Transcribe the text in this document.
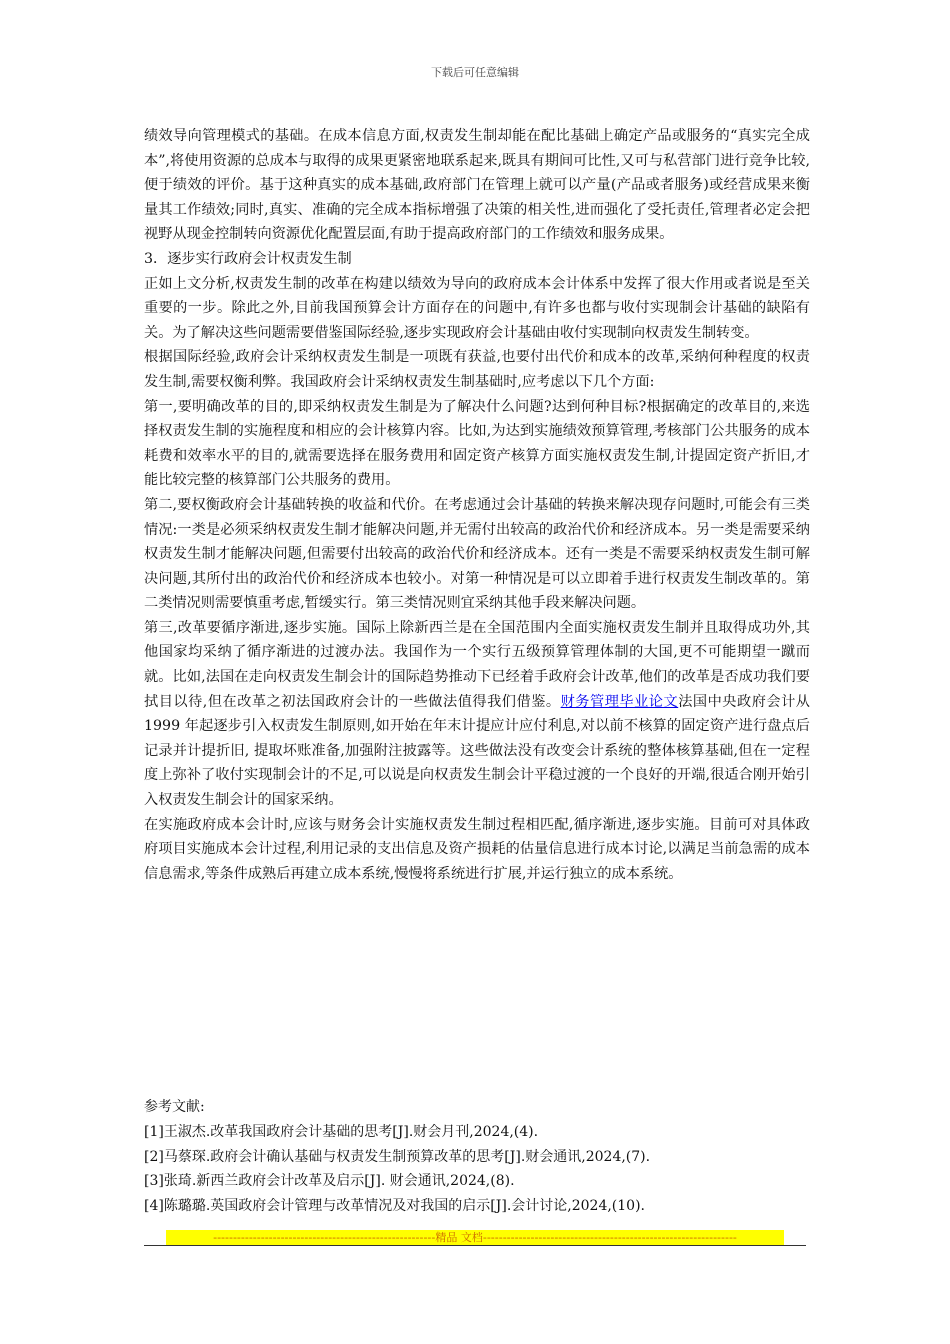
下载后可任意编辑

绩效导向管理模式的基础。在成本信息方面,权责发生制却能在配比基础上确定产品或服务的“真实完全成本”,将使用资源的总成本与取得的成果更紧密地联系起来,既具有期间可比性,又可与私营部门进行竞争比较,便于绩效的评价。基于这种真实的成本基础,政府部门在管理上就可以产量(产品或者服务)或经营成果来衡量其工作绩效;同时,真实、准确的完全成本指标增强了决策的相关性,进而强化了受托责任,管理者必定会把视野从现金控制转向资源优化配置层面,有助于提高政府部门的工作绩效和服务成果。

3．逐步实行政府会计权责发生制

正如上文分析,权责发生制的改革在构建以绩效为导向的政府成本会计体系中发挥了很大作用或者说是至关重要的一步。除此之外,目前我国预算会计方面存在的问题中,有许多也都与收付实现制会计基础的缺陷有关。为了解决这些问题需要借鉴国际经验,逐步实现政府会计基础由收付实现制向权责发生制转变。

根据国际经验,政府会计采纳权责发生制是一项既有获益,也要付出代价和成本的改革,采纳何种程度的权责发生制,需要权衡利弊。我国政府会计采纳权责发生制基础时,应考虑以下几个方面:

第一,要明确改革的目的,即采纳权责发生制是为了解决什么问题?达到何种目标?根据确定的改革目的,来选择权责发生制的实施程度和相应的会计核算内容。比如,为达到实施绩效预算管理,考核部门公共服务的成本耗费和效率水平的目的,就需要选择在服务费用和固定资产核算方面实施权责发生制,计提固定资产折旧,才能比较完整的核算部门公共服务的费用。

第二,要权衡政府会计基础转换的收益和代价。在考虑通过会计基础的转换来解决现存问题时,可能会有三类情况:一类是必须采纳权责发生制才能解决问题,并无需付出较高的政治代价和经济成本。另一类是需要采纳权责发生制才能解决问题,但需要付出较高的政治代价和经济成本。还有一类是不需要采纳权责发生制可解决问题,其所付出的政治代价和经济成本也较小。对第一种情况是可以立即着手进行权责发生制改革的。第二类情况则需要慎重考虑,暂缓实行。第三类情况则宜采纳其他手段来解决问题。

第三,改革要循序渐进,逐步实施。国际上除新西兰是在全国范围内全面实施权责发生制并且取得成功外,其他国家均采纳了循序渐进的过渡办法。我国作为一个实行五级预算管理体制的大国,更不可能期望一蹴而就。比如,法国在走向权责发生制会计的国际趋势推动下已经着手政府会计改革,他们的改革是否成功我们要拭目以待,但在改革之初法国政府会计的一些做法值得我们借鉴。财务管理毕业论文法国中央政府会计从 1999 年起逐步引入权责发生制原则,如开始在年末计提应计应付利息,对以前不核算的固定资产进行盘点后记录并计提折旧, 提取坏账准备,加强附注披露等。这些做法没有改变会计系统的整体核算基础,但在一定程度上弥补了收付实现制会计的不足,可以说是向权责发生制会计平稳过渡的一个良好的开端,很适合刚开始引入权责发生制会计的国家采纳。

在实施政府成本会计时,应该与财务会计实施权责发生制过程相匹配,循序渐进,逐步实施。目前可对具体政府项目实施成本会计过程,利用记录的支出信息及资产损耗的估量信息进行成本讨论,以满足当前急需的成本信息需求,等条件成熟后再建立成本系统,慢慢将系统进行扩展,并运行独立的成本系统。

参考文献:

[1]王淑杰.改革我国政府会计基础的思考[J].财会月刊,2024,(4).

[2]马蔡琛.政府会计确认基础与权责发生制预算改革的思考[J].财会通讯,2024,(7).

[3]张琦.新西兰政府会计改革及启示[J]. 财会通讯,2024,(8).

[4]陈璐璐.英国政府会计管理与改革情况及对我国的启示[J].会计讨论,2024,(10).

--------------------------------------------------------精品 文档----------------------------------------------------------------
